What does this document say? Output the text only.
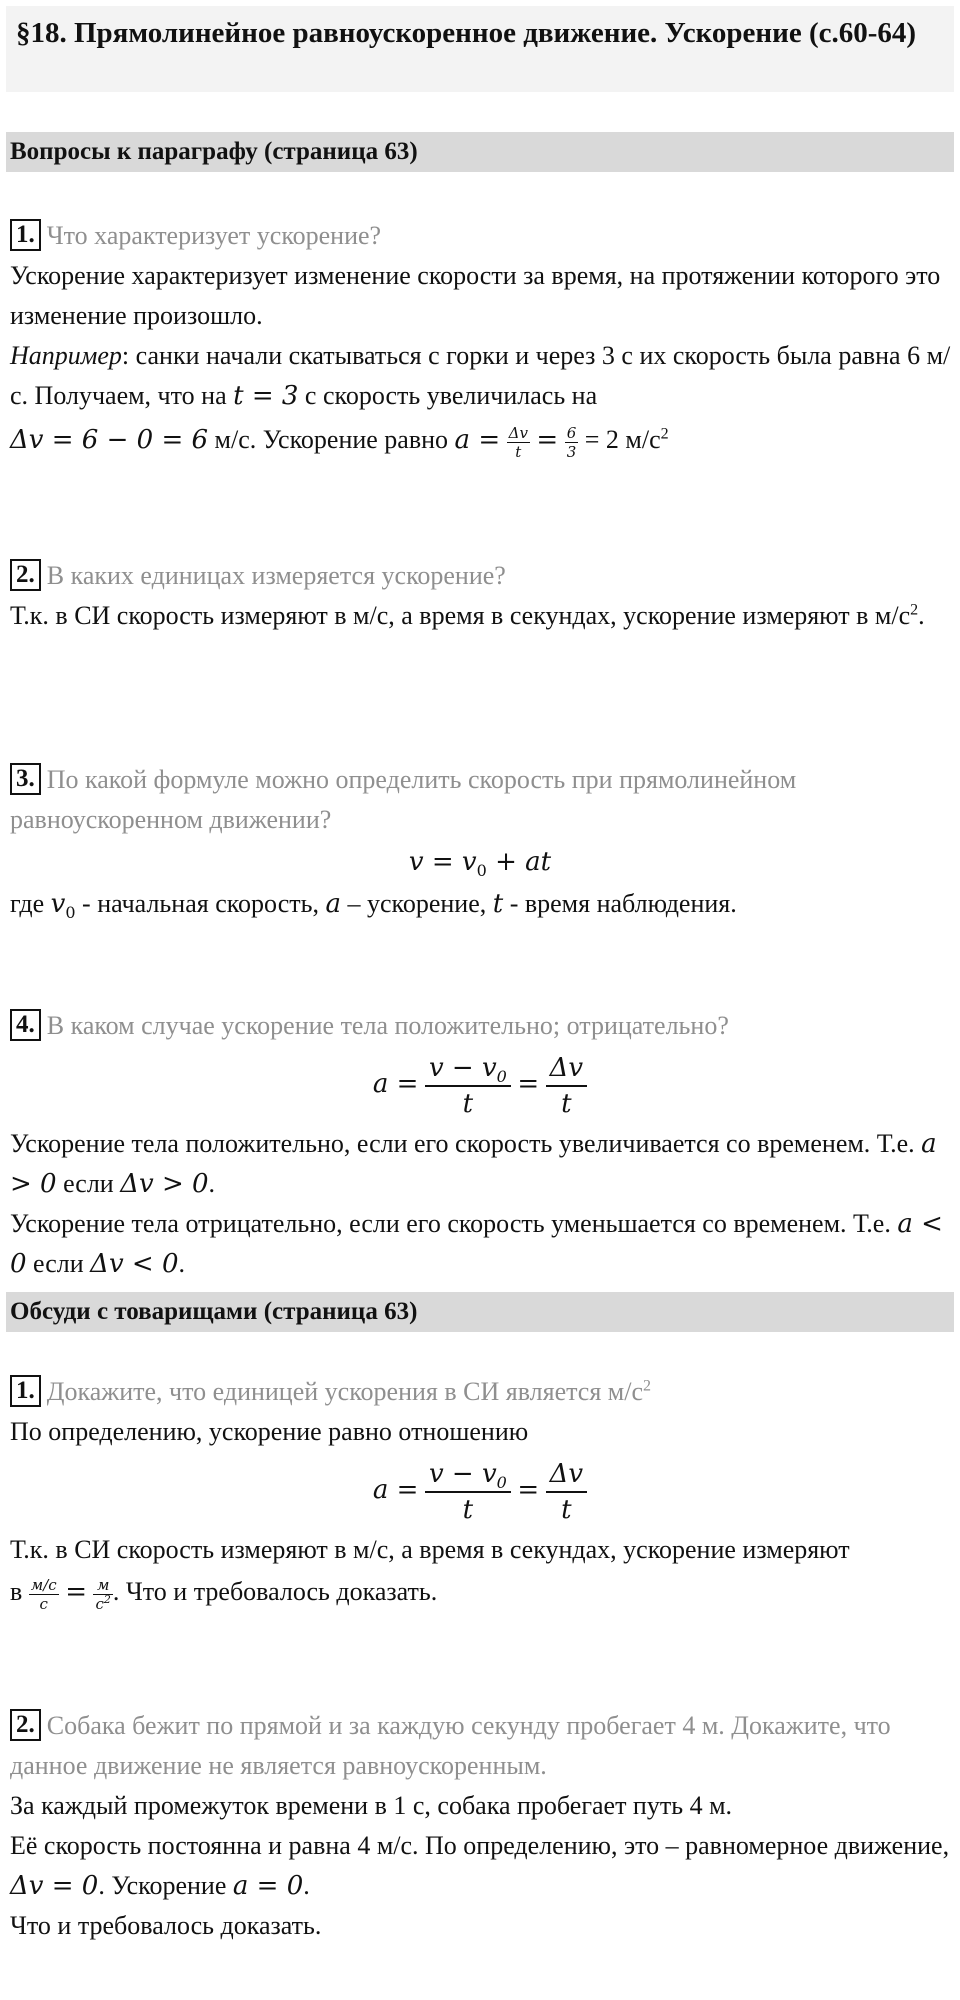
§18. Прямолинейное равноускоренное движение. Ускорение (с.60-64)
Вопросы к параграфу (страница 63)
1. Что характеризует ускорение?
Ускорение характеризует изменение скорости за время, на протяжении которого это изменение произошло.
Например: санки начали скатываться с горки и через 3 с их скорость была равна 6 м/с. Получаем, что на t = 3 с скорость увеличилась на
Δv = 6 − 0 = 6 м/с. Ускорение равно $a = \frac{\Delta v}{t} = \frac{6}{3} = 2$ $м/с^2$
2. В каких единицах измеряется ускорение?
Т.к. в СИ скорость измеряют в м/с, а время в секундах, ускорение измеряют в $м/с^2$.
3. По какой формуле можно определить скорость при прямолинейном равноускоренном движении?
$v = v_0$ + at
где $v_0$ - начальная скорость, a – ускорение, t - время наблюдения.
4. В каком случае ускорение тела положительно; отрицательно?
$a = \frac{v - v_0}{t} = \frac{\Delta v}{t}$
Ускорение тела положительно, если его скорость увеличивается со временем. Т.е. a > 0 если Δv > 0.
Ускорение тела отрицательно, если его скорость уменьшается со временем. Т.е. a < 0 если Δv < 0.
Обсуди с товарищами (страница 63)
1. Докажите, что единицей ускорения в СИ является $м/с^2$
По определению, ускорение равно отношению
$a = \frac{v - v_0}{t} = \frac{\Delta v}{t}$
Т.к. в СИ скорость измеряют в м/с, а время в секундах, ускорение измеряют
в м/с
с = м
$с^2$ . Что и требовалось доказать.
2. Собака бежит по прямой и за каждую секунду пробегает 4 м. Докажите, что данное движение не является равноускоренным.
За каждый промежуток времени в 1 с, собака пробегает путь 4 м.
Её скорость постоянна и равна 4 м/с. По определению, это – равномерное движение, Δv = 0. Ускорение a = 0.
Что и требовалось доказать.
